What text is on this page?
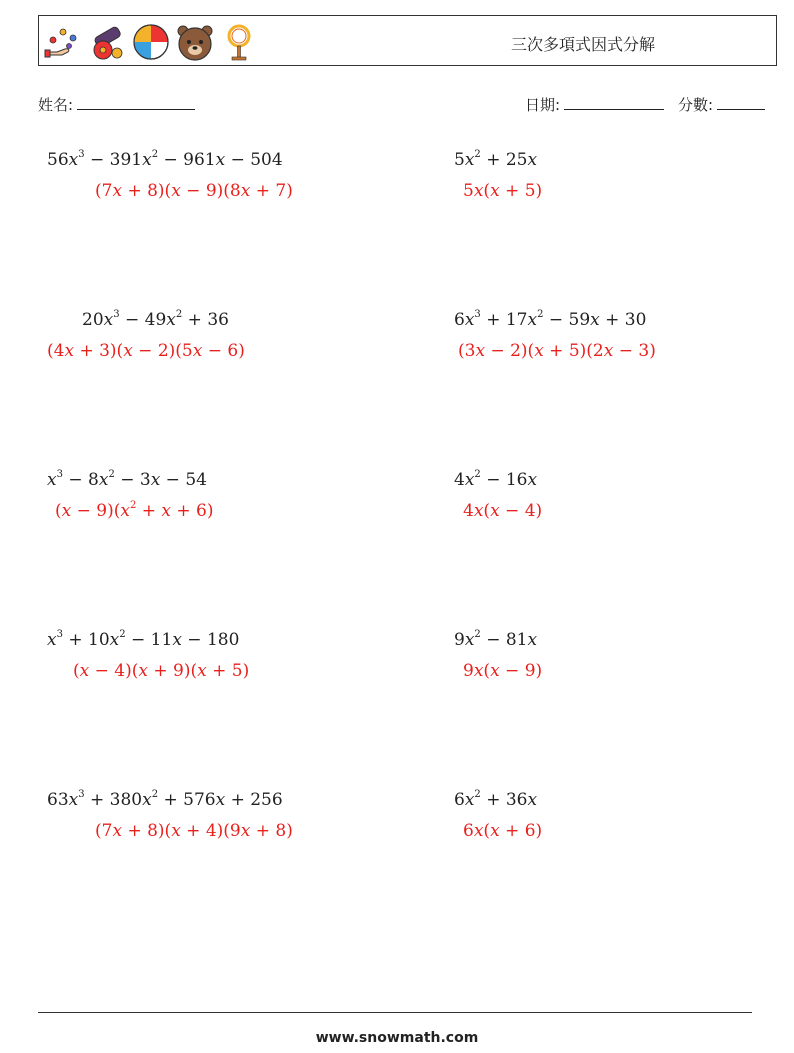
三次多項式因式分解
姓名:	日期:	分數:
$56x^3 - 391x^2 - 961x - 504$
(7x + 8)(x − 9)(8x + 7)
$5x^2 + 25x$
5x(x + 5)
$20x^3 - 49x^2 + 36$
(4x + 3)(x − 2)(5x − 6)
$6x^3 + 17x^2 - 59x + 30$
(3x − 2)(x + 5)(2x − 3)
$x^3 - 8x^2 - 3x - 54$
$(x - 9)(x^2 + x + 6)$
$4x^2 - 16x$
4x(x − 4)
$x^3 + 10x^2 - 11x - 180$
(x − 4)(x + 9)(x + 5)
$9x^2 - 81x$
9x(x − 9)
$63x^3 + 380x^2 + 576x + 256$
(7x + 8)(x + 4)(9x + 8)
$6x^2 + 36x$
6x(x + 6)
www.snowmath.com
